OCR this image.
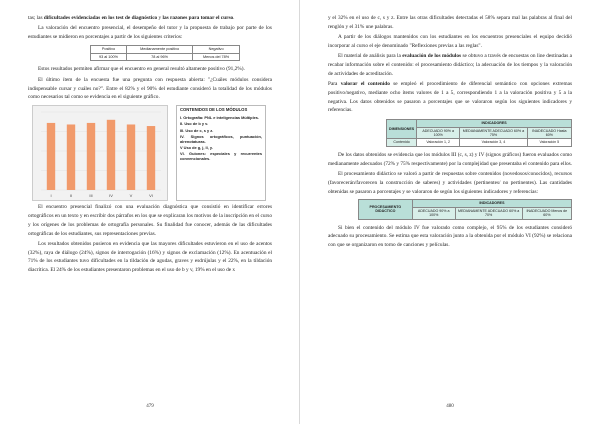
tas; las dificultades evidenciadas en los test de diagnóstico y las razones para tomar el curso.

La valoración del encuentro presencial, el desempeño del tutor y la propuesta de trabajo por parte de los estudiantes se midieron en porcentajes a partir de los siguientes criterios:

Positivo	Medianamente positivo	Negativo
93 al 100%	78 al 96%	Menos del 78%

Estos resultados permiten afirmar que el encuentro en general resultó altamente positivo (91,2%).

El último ítem de la encuesta fue una pregunta con respuesta abierta: "¿Cuáles módulos considera indispensable cursar y cuáles no?". Entre el 82% y el 90% del estudiante consideró la totalidad de los módulos como necesarios tal como se evidencia en el siguiente gráfico.

I	II	III	IV	V	VI
CONTENIDOS DE LOS MÓDULOS
I. Ortografía: PNL e inteligencias Múltiples.
II. Uso de b y v.
III. Uso de c, s y z.
IV. Signos ortográficos, puntuación, alrenotaturas.
V Uso de g, j, ll, y.
VI. Guiones: especiales y recurrentes convencionales.

El encuentro presencial finalizó con una evaluación diagnóstica que consistió en identificar errores ortográficos en un texto y en escribir dos párrafos en los que se explicaran los motivos de la inscripción en el curso y los orígenes de los problemas de ortografía personales. Su finalidad fue conocer, además de las dificultades ortográficas de los estudiantes, sus representaciones previas.

Los resultados obtenidos pusieron en evidencia que las mayores dificultades estuvieron en el uso de acentos (32%), raya de diálogo (24%), signos de interrogación (16%) y signos de exclamación (12%). En acentuación el 71% de los estudiantes tuvo dificultades en la tildación de agudas, graves y esdrújulas y el 22%, en la tildación diacrítica. El 24% de los estudiantes presentaron problemas en el uso de b y v, 19% en el uso de x

479

y el 32% en el uso de c, s y z. Entre las otras dificultades detectadas el 58% separa mal las palabras al final del renglón y el 31% une palabras.

A partir de los diálogos mantenidos con los estudiantes en los encuentros presenciales el equipo decidió incorporar al curso el eje denominado "Reflexiones previas a las reglas".

El material de análisis para la evaluación de los módulos se obtuvo a través de encuestas on line destinadas a recabar información sobre el contenido: el procesamiento didáctico; la adecuación de los tiempos y la valoración de actividades de acreditación.

Para valorar el contenido se empleó el procedimiento de diferencial semántico con opciones extremas positivo/negativo, mediante ocho ítems valores de 1 a 5, correspondiendo 1 a la valoración positiva y 5 a la negativa. Los datos obtenidos se pasaron a porcentajes que se valoraron según los siguientes indicadores y referencias.

DIMENSIONES	INDICADORES		
	ADECUADO 90% a 100%	MEDIANAMENTE ADECUADO 60% a 75%	INADECUADO Hasta 60%
Contenido	Valoración 1, 2	Valoración 3, 4	Valoración 5

De los datos obtenidos se evidencia que los módulos III (c, s, z) y IV (signos gráficos) fueron evaluados como medianamente adecuados (72% y 75% respectivamente) por la complejidad que presentaba el contenido para ellos.

El procesamiento didáctico se valoró a partir de respuestas sobre contenidos (novedosos/conocidos), recursos (favorecerán/favorecen la construcción de saberes) y actividades (pertinentes/ no pertinentes). Las cantidades obtenidas se pasaron a porcentajes y se valoraron de según los siguientes indicadores y referencias:

PROCESAMIENTO DIDÁCTICO	INDICADORES		
	ADECUADO 90% a 100%	MEDIANAMENTE ADECUADO 60% a 70%	INADECUADO Menos de 60%

Si bien el contenido del módulo IV fue valorado como complejo, el 95% de los estudiantes consideró adecuado su procesamiento. Se estima que esta valoración junto a la obtenida por el módulo VI (92%) se relaciona con que se organizaron en torno de canciones y películas.

480
